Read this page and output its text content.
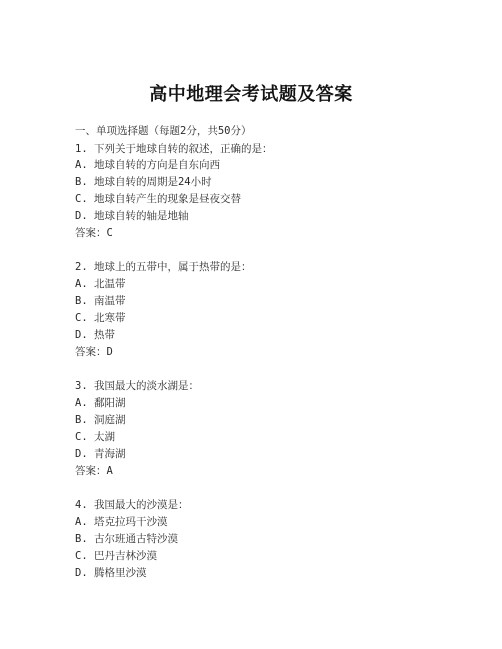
高中地理会考试题及答案
一、单项选择题（每题2分，共50分）
1. 下列关于地球自转的叙述，正确的是：
A. 地球自转的方向是自东向西
B. 地球自转的周期是24小时
C. 地球自转产生的现象是昼夜交替
D. 地球自转的轴是地轴
答案：C
2. 地球上的五带中，属于热带的是：
A. 北温带
B. 南温带
C. 北寒带
D. 热带
答案：D
3. 我国最大的淡水湖是：
A. 鄱阳湖
B. 洞庭湖
C. 太湖
D. 青海湖
答案：A
4. 我国最大的沙漠是：
A. 塔克拉玛干沙漠
B. 古尔班通古特沙漠
C. 巴丹吉林沙漠
D. 腾格里沙漠
